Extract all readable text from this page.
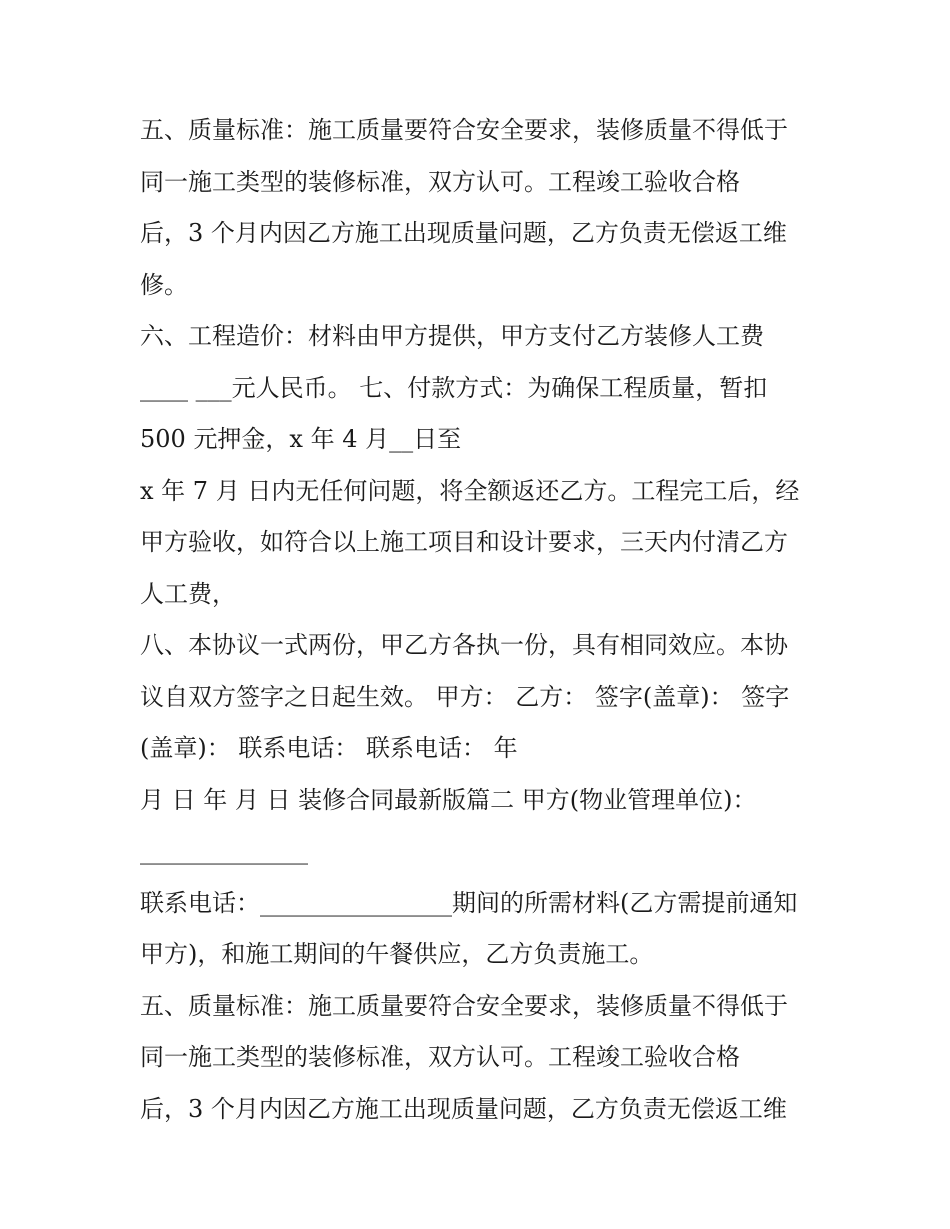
五、质量标准：施工质量要符合安全要求，装修质量不得低于
同一施工类型的装修标准，双方认可。工程竣工验收合格
后，3 个月内因乙方施工出现质量问题，乙方负责无偿返工维
修。
六、工程造价：材料由甲方提供，甲方支付乙方装修人工费
____ ___元人民币。 七、付款方式：为确保工程质量，暂扣
500 元押金，x 年 4 月__日至
x 年 7 月 日内无任何问题，将全额返还乙方。工程完工后，经
甲方验收，如符合以上施工项目和设计要求，三天内付清乙方
人工费，
八、本协议一式两份，甲乙方各执一份，具有相同效应。本协
议自双方签字之日起生效。 甲方： 乙方： 签字(盖章)： 签字
(盖章)： 联系电话： 联系电话： 年
月 日 年 月 日 装修合同最新版篇二 甲方(物业管理单位)：
______________
联系电话：________________期间的所需材料(乙方需提前通知
甲方)，和施工期间的午餐供应，乙方负责施工。
五、质量标准：施工质量要符合安全要求，装修质量不得低于
同一施工类型的装修标准，双方认可。工程竣工验收合格
后，3 个月内因乙方施工出现质量问题，乙方负责无偿返工维
